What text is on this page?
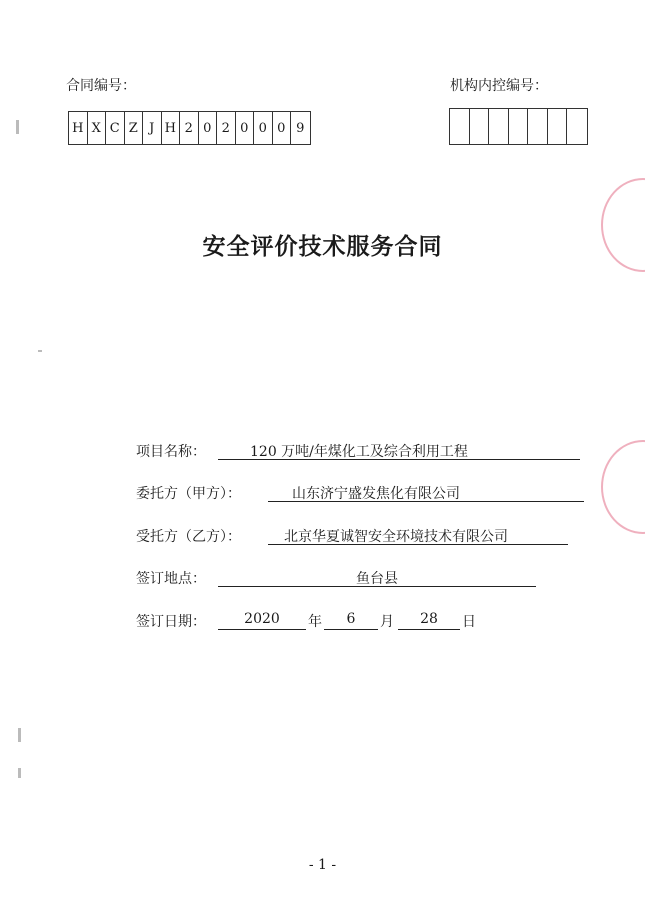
合同编号：	机构内控编号：
H X C Z J H 2 0 2 0 0 0 9
安全评价技术服务合同
项目名称：	120 万吨/年煤化工及综合利用工程
委托方（甲方）：	山东济宁盛发焦化有限公司
受托方（乙方）：	北京华夏诚智安全环境技术有限公司
签订地点：	鱼台县
签订日期：	2020	年	6	月	28	日
- 1 -
